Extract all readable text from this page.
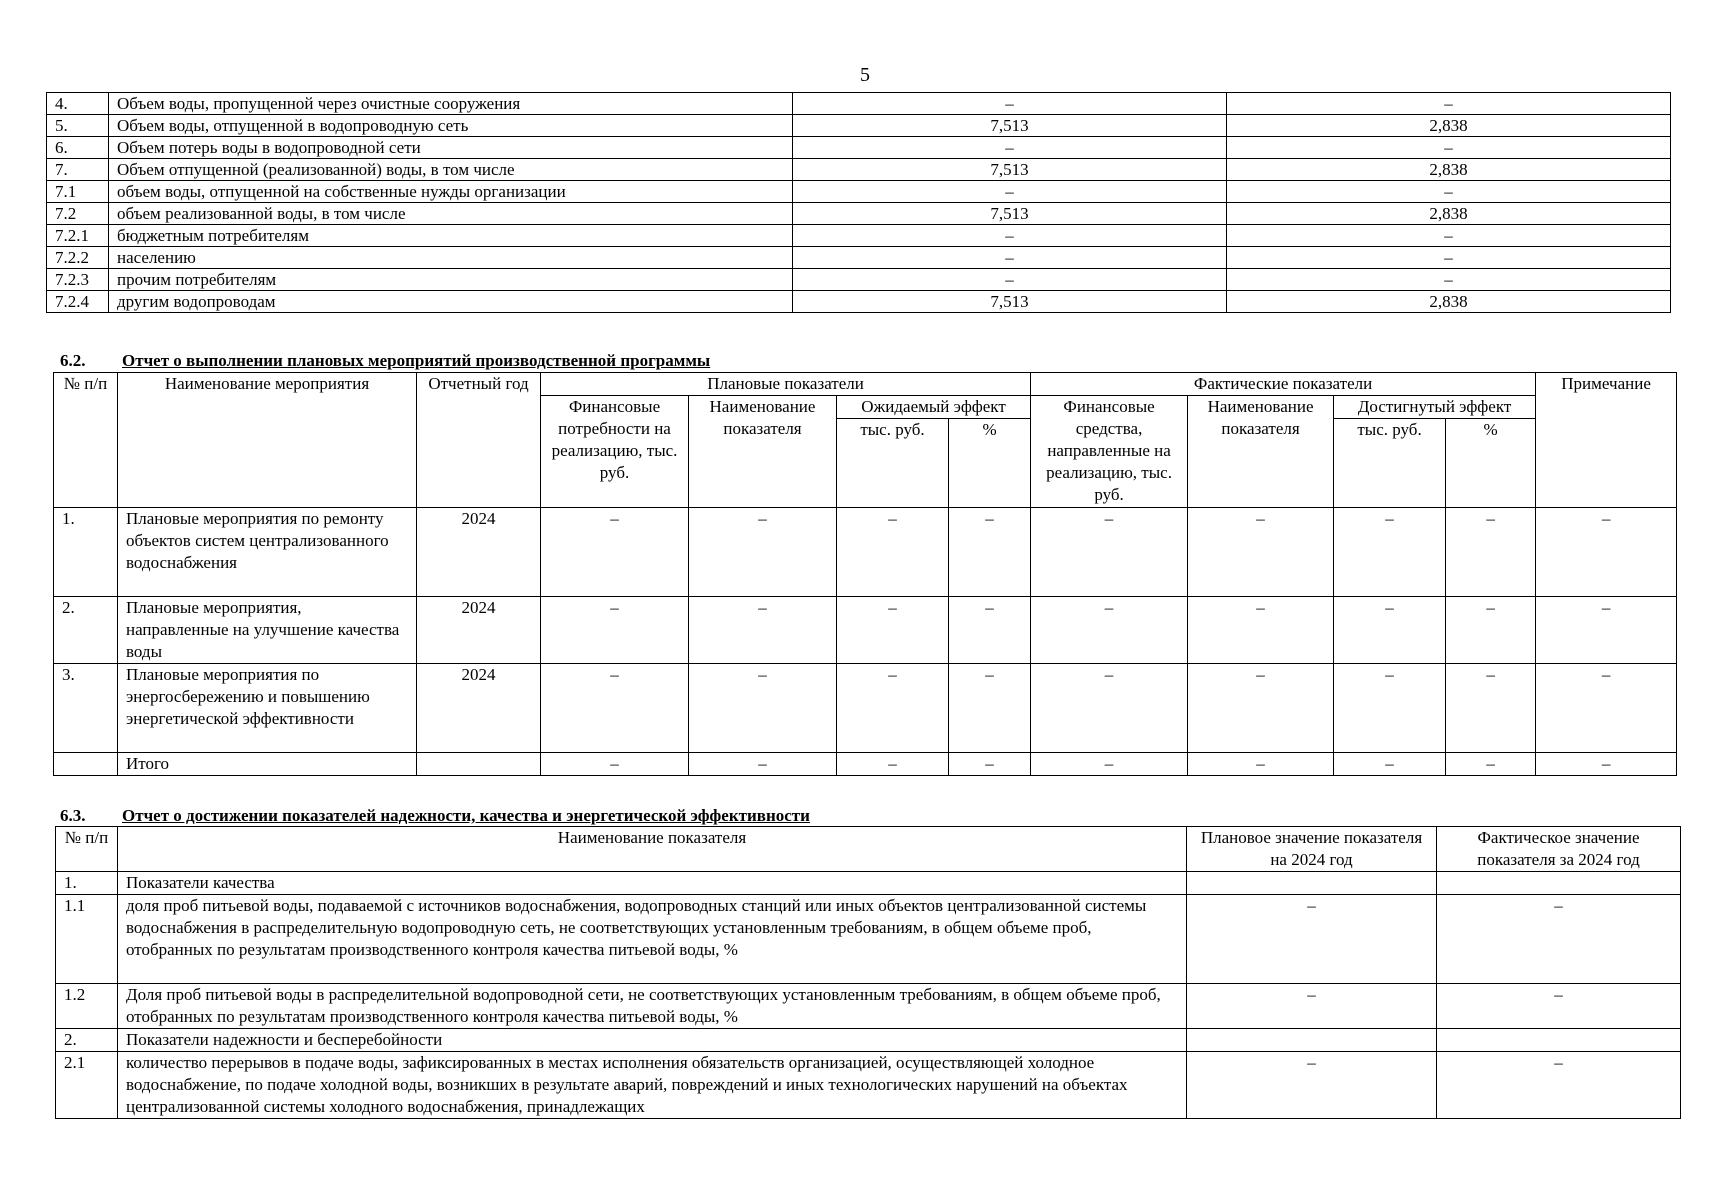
5
4.	Объем воды, пропущенной через очистные сооружения	–	–
5.	Объем воды, отпущенной в водопроводную сеть	7,513	2,838
6.	Объем потерь воды в водопроводной сети	–	–
7.	Объем отпущенной (реализованной) воды, в том числе	7,513	2,838
7.1	объем воды, отпущенной на собственные нужды организации	–	–
7.2	объем реализованной воды, в том числе	7,513	2,838
7.2.1	бюджетным потребителям	–	–
7.2.2	населению	–	–
7.2.3	прочим потребителям	–	–
7.2.4	другим водопроводам	7,513	2,838
6.2. Отчет о выполнении плановых мероприятий производственной программы
№ п/п	Наименование мероприятия	Отчетный год	Плановые показатели				Фактические показатели				Примечание
			Финансовые потребности на реализацию, тыс. руб.	Наименование показателя	Ожидаемый эффект		Финансовые средства, направленные на реализацию, тыс. руб.	Наименование показателя	Достигнутый эффект		
					тыс. руб.	%			тыс. руб.	%	
1.	Плановые мероприятия по ремонту объектов систем централизованного водоснабжения	2024	–	–	–	–	–	–	–	–	–
2.	Плановые мероприятия, направленные на улучшение качества воды	2024	–	–	–	–	–	–	–	–	–
3.	Плановые мероприятия по энергосбережению и повышению энергетической эффективности	2024	–	–	–	–	–	–	–	–	–
	Итого		–	–	–	–	–	–	–	–	–
6.3. Отчет о достижении показателей надежности, качества и энергетической эффективности
№ п/п	Наименование показателя	Плановое значение показателя на 2024 год	Фактическое значение показателя за 2024 год
1.	Показатели качества		
1.1	доля проб питьевой воды, подаваемой с источников водоснабжения, водопроводных станций или иных объектов централизованной системы водоснабжения в распределительную водопроводную сеть, не соответствующих установленным требованиям, в общем объеме проб, отобранных по результатам производственного контроля качества питьевой воды, %	–	–
1.2	Доля проб питьевой воды в распределительной водопроводной сети, не соответствующих установленным требованиям, в общем объеме проб, отобранных по результатам производственного контроля качества питьевой воды, %	–	–
2.	Показатели надежности и бесперебойности		
2.1	количество перерывов в подаче воды, зафиксированных в местах исполнения обязательств организацией, осуществляющей холодное водоснабжение, по подаче холодной воды, возникших в результате аварий, повреждений и иных технологических нарушений на объектах централизованной системы холодного водоснабжения, принадлежащих	–	–
